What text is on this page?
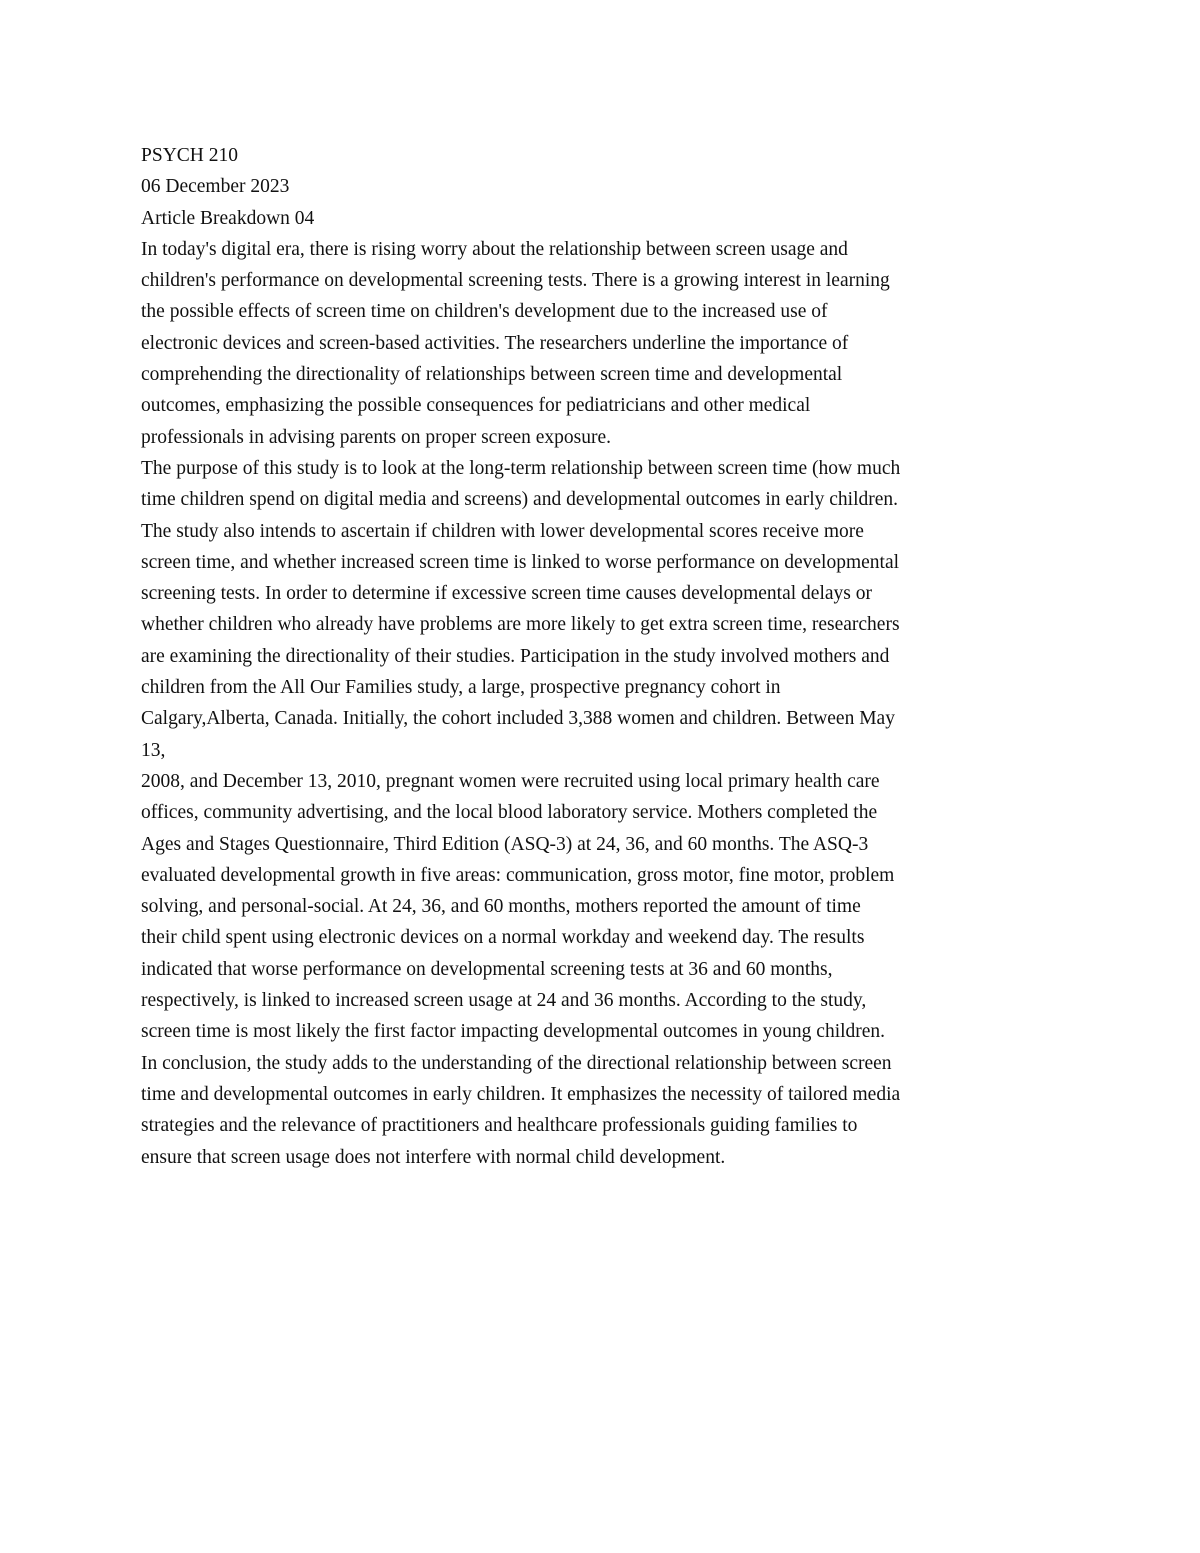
PSYCH 210
06 December 2023
Article Breakdown 04
In today's digital era, there is rising worry about the relationship between screen usage and
children's performance on developmental screening tests. There is a growing interest in learning
the possible effects of screen time on children's development due to the increased use of
electronic devices and screen-based activities. The researchers underline the importance of
comprehending the directionality of relationships between screen time and developmental
outcomes, emphasizing the possible consequences for pediatricians and other medical
professionals in advising parents on proper screen exposure.
The purpose of this study is to look at the long-term relationship between screen time (how much
time children spend on digital media and screens) and developmental outcomes in early children.
The study also intends to ascertain if children with lower developmental scores receive more
screen time, and whether increased screen time is linked to worse performance on developmental
screening tests. In order to determine if excessive screen time causes developmental delays or
whether children who already have problems are more likely to get extra screen time, researchers
are examining the directionality of their studies. Participation in the study involved mothers and
children from the All Our Families study, a large, prospective pregnancy cohort in
Calgary,Alberta, Canada. Initially, the cohort included 3,388 women and children. Between May
13,
2008, and December 13, 2010, pregnant women were recruited using local primary health care
offices, community advertising, and the local blood laboratory service. Mothers completed the
Ages and Stages Questionnaire, Third Edition (ASQ-3) at 24, 36, and 60 months. The ASQ-3
evaluated developmental growth in five areas: communication, gross motor, fine motor, problem
solving, and personal-social. At 24, 36, and 60 months, mothers reported the amount of time
their child spent using electronic devices on a normal workday and weekend day. The results
indicated that worse performance on developmental screening tests at 36 and 60 months,
respectively, is linked to increased screen usage at 24 and 36 months. According to the study,
screen time is most likely the first factor impacting developmental outcomes in young children.
In conclusion, the study adds to the understanding of the directional relationship between screen
time and developmental outcomes in early children. It emphasizes the necessity of tailored media
strategies and the relevance of practitioners and healthcare professionals guiding families to
ensure that screen usage does not interfere with normal child development.
